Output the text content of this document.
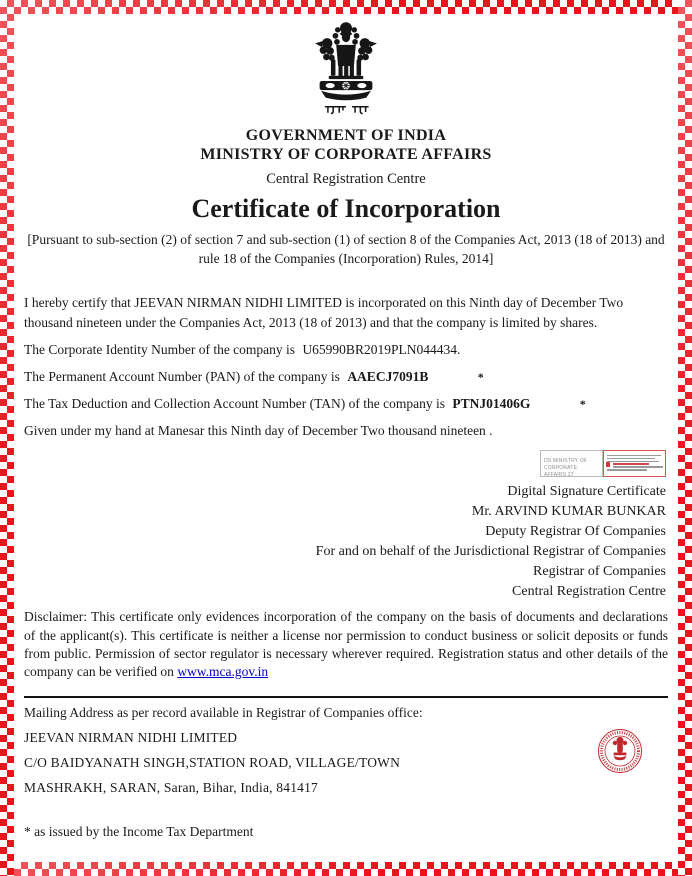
GOVERNMENT OF INDIA
MINISTRY OF CORPORATE AFFAIRS
Central Registration Centre
Certificate of Incorporation
[Pursuant to sub-section (2) of section 7 and sub-section (1) of section 8 of the Companies Act, 2013 (18 of 2013) and rule 18 of the Companies (Incorporation) Rules, 2014]
I hereby certify that JEEVAN NIRMAN NIDHI LIMITED is incorporated on this Ninth day of December Two thousand nineteen under the Companies Act, 2013 (18 of 2013) and that the company is limited by shares.
The Corporate Identity Number of the company is U65990BR2019PLN044434.
The Permanent Account Number (PAN) of the company is AAECJ7091B	*
The Tax Deduction and Collection Account Number (TAN) of the company is PTNJ01406G	*
Given under my hand at Manesar this Ninth day of December Two thousand nineteen .
DS MINISTRY OF CORPORATE AFFAIRS 27
Digital Signature Certificate
Mr. ARVIND KUMAR BUNKAR
Deputy Registrar Of Companies
For and on behalf of the Jurisdictional Registrar of Companies
Registrar of Companies
Central Registration Centre
Disclaimer: This certificate only evidences incorporation of the company on the basis of documents and declarations of the applicant(s). This certificate is neither a license nor permission to conduct business or solicit deposits or funds from public. Permission of sector regulator is necessary wherever required. Registration status and other details of the company can be verified on www.mca.gov.in
Mailing Address as per record available in Registrar of Companies office:
JEEVAN NIRMAN NIDHI LIMITED
C/O BAIDYANATH SINGH,STATION ROAD, VILLAGE/TOWN
MASHRAKH, SARAN, Saran, Bihar, India, 841417
* as issued by the Income Tax Department
